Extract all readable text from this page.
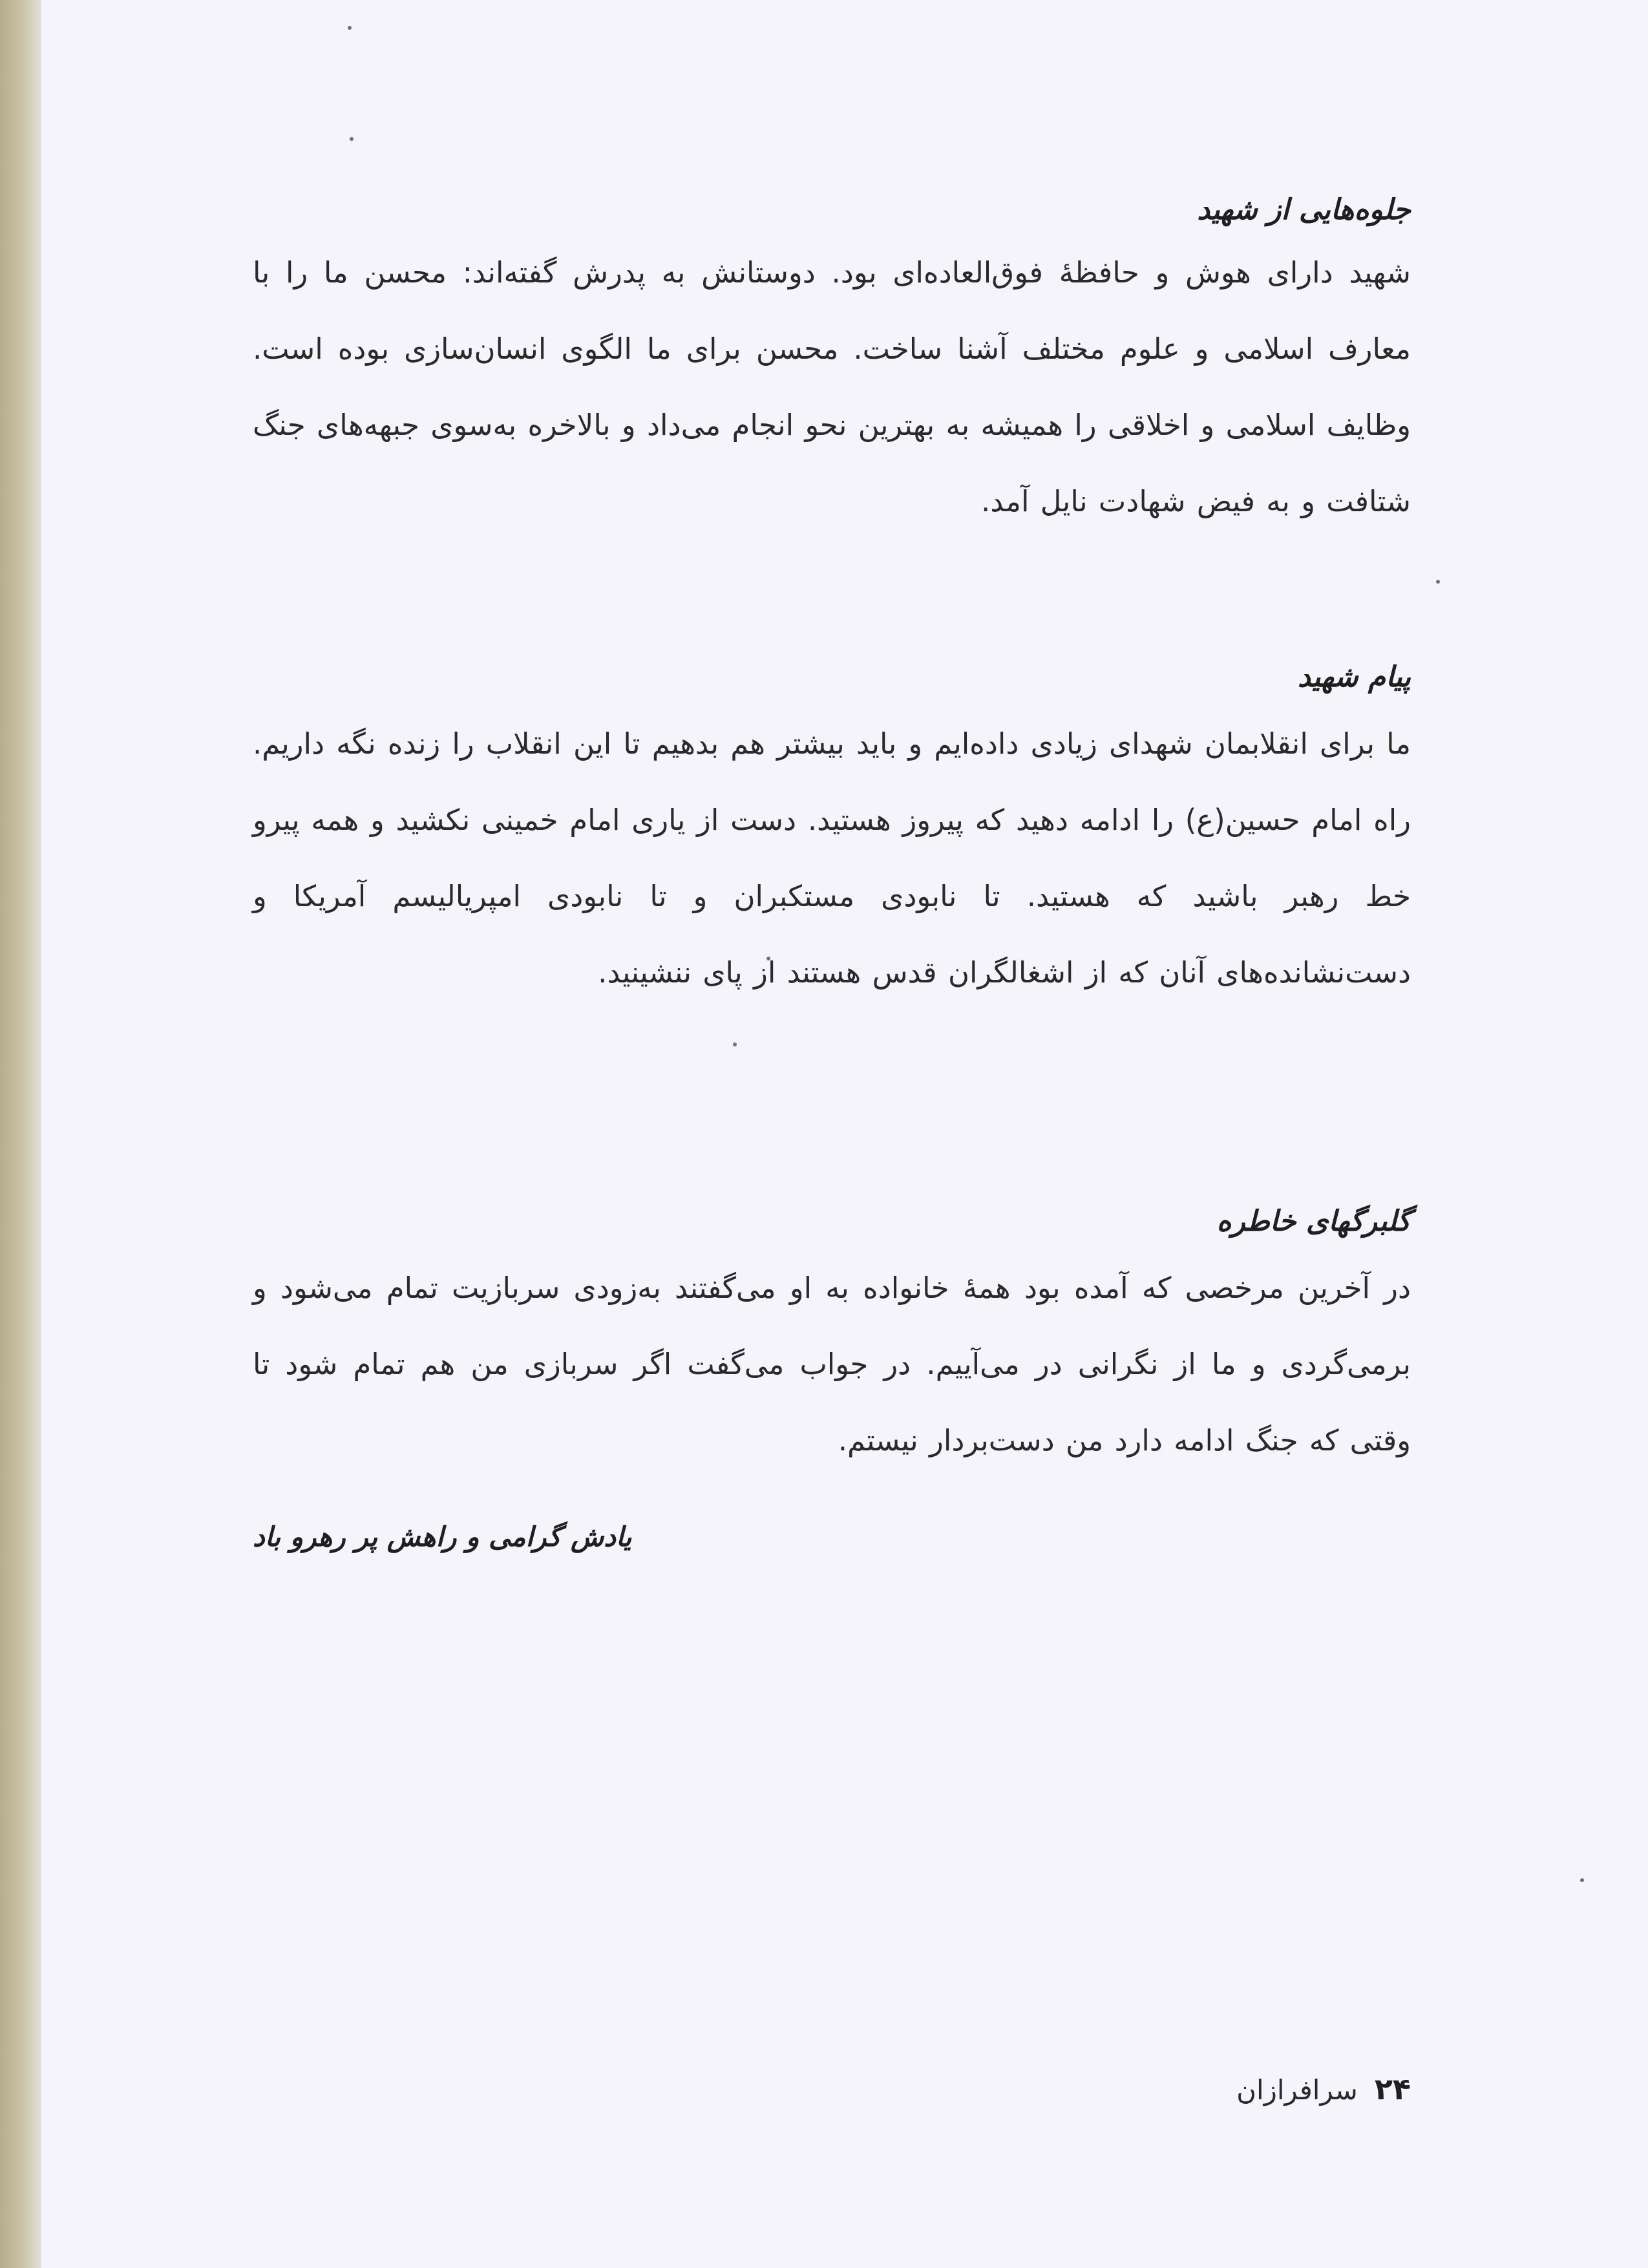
جلوه‌هایی از شهید

شهید دارای هوش و حافظهٔ فوق‌العاده‌ای بود. دوستانش به پدرش گفته‌اند: محسن ما را با معارف اسلامی و علوم مختلف آشنا ساخت. محسن برای ما الگوی انسان‌سازی بوده است. وظایف اسلامی و اخلاقی را همیشه به بهترین نحو انجام می‌داد و بالاخره به‌سوی جبهه‌های جنگ شتافت و به فیض شهادت نایل آمد.

پیام شهید

ما برای انقلابمان شهدای زیادی داده‌ایم و باید بیشتر هم بدهیم تا این انقلاب را زنده نگه داریم. راه امام حسین(ع) را ادامه دهید که پیروز هستید. دست از یاری امام خمینی نکشید و همه پیرو خط رهبر باشید که هستید. تا نابودی مستکبران و تا نابودی امپریالیسم آمریکا و دست‌نشانده‌های آنان که از اشغالگران قدس هستند از پای ننشینید.

گلبرگهای خاطره

در آخرین مرخصی که آمده بود همهٔ خانواده به او می‌گفتند به‌زودی سربازیت تمام می‌شود و برمی‌گردی و ما از نگرانی در می‌آییم. در جواب می‌گفت اگر سربازی من هم تمام شود تا وقتی که جنگ ادامه دارد من دست‌بردار نیستم.

یادش گرامی و راهش پر رهرو باد

۲۴
سرافرازان
